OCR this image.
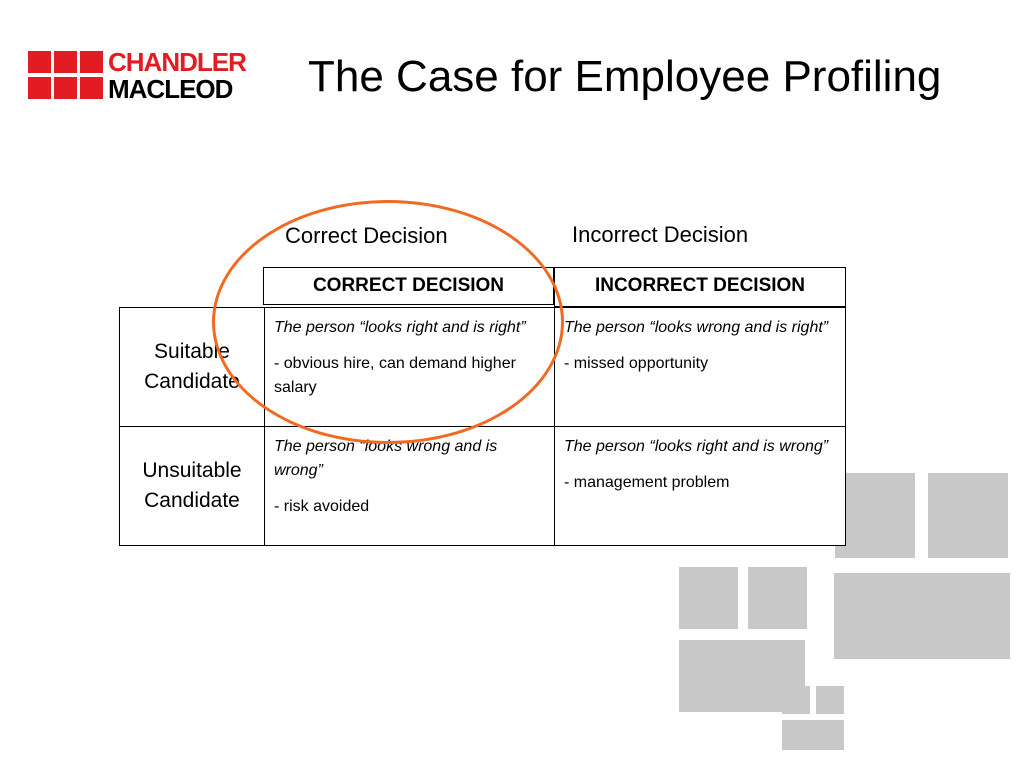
CHANDLER
MACLEOD The Case for Employee Profiling
Correct Decision	Incorrect Decision
CORRECT DECISION	INCORRECT DECISION
Suitable Candidate
Unsuitable Candidate

The person “looks right and is right”

- obvious hire, can demand higher salary

The person “looks wrong and is right”

- missed opportunity

The person “looks wrong and is wrong”

- risk avoided

The person “looks right and is wrong”

- management problem
